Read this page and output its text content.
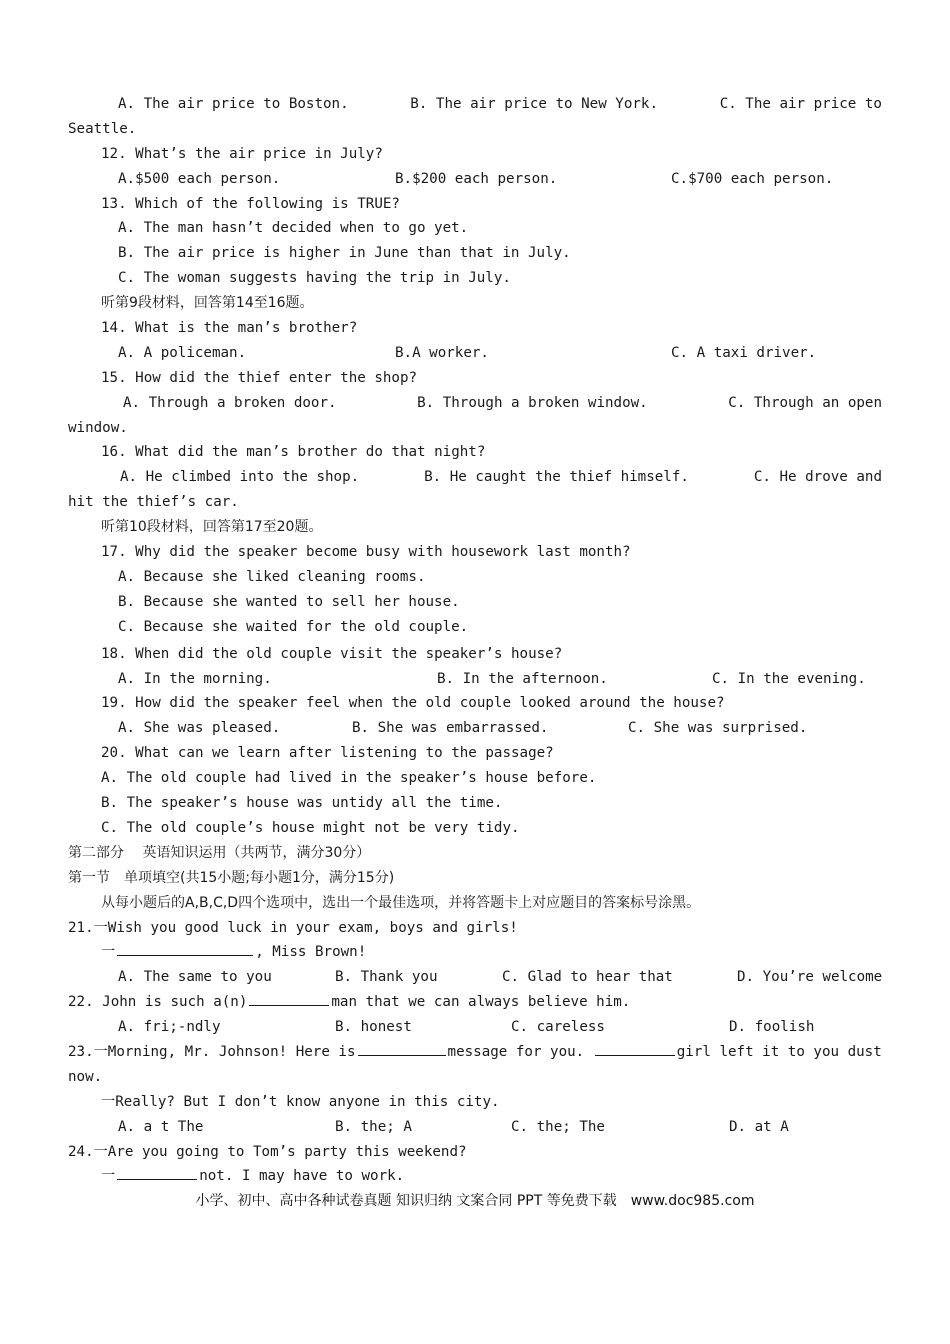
A. The air price to Boston.	B. The air price to New York.	C. The air price to
Seattle.
12. What’s the air price in July?
A.$500 each person.	B.$200 each person.	C.$700 each person.
13. Which of the following is TRUE?
A. The man hasn’t decided when to go yet.
B. The air price is higher in June than that in July.
C. The woman suggests having the trip in July.
听第9段材料，回答第14至16题。
14. What is the man’s brother?
A. A policeman.	B.A worker.	C. A taxi driver.
15. How did the thief enter the shop?
A. Through a broken door.	B. Through a broken window.	C. Through an open
window.
16. What did the man’s brother do that night?
A. He climbed into the shop.	B. He caught the thief himself.	C. He drove and
hit the thief’s car.
听第10段材料，回答第17至20题。
17. Why did the speaker become busy with housework last month?
A. Because she liked cleaning rooms.
B. Because she wanted to sell her house.
C. Because she waited for the old couple.
18. When did the old couple visit the speaker’s house?
A. In the morning.	B. In the afternoon.	C. In the evening.
19. How did the speaker feel when the old couple looked around the house?
A. She was pleased.	B. She was embarrassed.	C. She was surprised.
20. What can we learn after listening to the passage?
A. The old couple had lived in the speaker’s house before.
B. The speaker’s house was untidy all the time.
C. The old couple’s house might not be very tidy.
第二部分　 英语知识运用（共两节，满分30分）
第一节　单项填空(共15小题;每小题1分，满分15分)
从每小题后的A,B,C,D四个选项中，选出一个最佳选项，并将答题卡上对应题目的答案标号涂黑。
21.一Wish you good luck in your exam, boys and girls!
一	, Miss Brown!
A. The same to you	B. Thank you	C. Glad to hear that	D. You’re welcome
22. John is such a(n)	man that we can always believe him.
A. fri;-ndly	B. honest	C. careless	D. foolish
23.一Morning, Mr. Johnson! Here is	message for you.	girl left it to you dust
now.
一Really? But I don’t know anyone in this city.
A. a t The	B. the; A	C. the; The	D. at A
24.一Are you going to Tom’s party this weekend?
一	not. I may have to work.
小学、初中、高中各种试卷真题 知识归纳 文案合同 PPT 等免费下载　www.doc985.com
